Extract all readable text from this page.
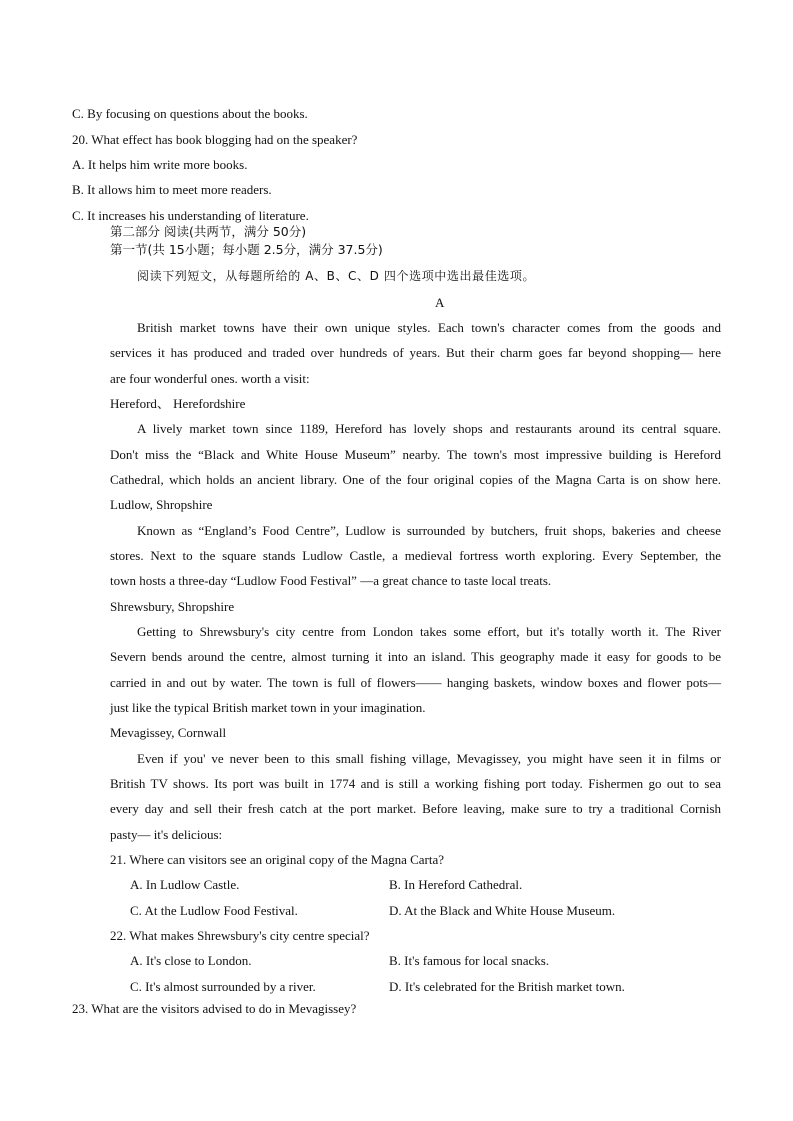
C. By focusing on questions about the books.
20. What effect has book blogging had on the speaker?
A. It helps him write more books.
B. It allows him to meet more readers.
C. It increases his understanding of literature.
第二部分 阅读(共两节，满分 50分)
第一节(共 15小题；每小题 2.5分，满分 37.5分)
阅读下列短文，从每题所给的 A、B、C、D 四个选项中选出最佳选项。
A
British market towns have their own unique styles. Each town's character comes from the goods and
services it has produced and traded over hundreds of years. But their charm goes far beyond shopping— here
are four wonderful ones. worth a visit:
Hereford、 Herefordshire
A lively market town since 1189, Hereford has lovely shops and restaurants around its central square.
Don't miss the “Black and White House Museum” nearby. The town's most impressive building is Hereford
Cathedral, which holds an ancient library. One of the four original copies of the Magna Carta is on show here.
Ludlow, Shropshire
Known as “England’s Food Centre”, Ludlow is surrounded by butchers, fruit shops, bakeries and cheese
stores. Next to the square stands Ludlow Castle, a medieval fortress worth exploring. Every September, the
town hosts a three-day “Ludlow Food Festival” —a great chance to taste local treats.
Shrewsbury, Shropshire
Getting to Shrewsbury's city centre from London takes some effort, but it's totally worth it. The River
Severn bends around the centre, almost turning it into an island. This geography made it easy for goods to be
carried in and out by water. The town is full of flowers—— hanging baskets, window boxes and flower pots—
just like the typical British market town in your imagination.
Mevagissey, Cornwall
Even if you' ve never been to this small fishing village, Mevagissey, you might have seen it in films or
British TV shows. Its port was built in 1774 and is still a working fishing port today. Fishermen go out to sea
every day and sell their fresh catch at the port market. Before leaving, make sure to try a traditional Cornish
pasty— it's delicious:
21. Where can visitors see an original copy of the Magna Carta?
A. In Ludlow Castle.	B. In Hereford Cathedral.
C. At the Ludlow Food Festival.	D. At the Black and White House Museum.
22. What makes Shrewsbury's city centre special?
A. It's close to London.	B. It's famous for local snacks.
C. It's almost surrounded by a river.	D. It's celebrated for the British market town.
23. What are the visitors advised to do in Mevagissey?
